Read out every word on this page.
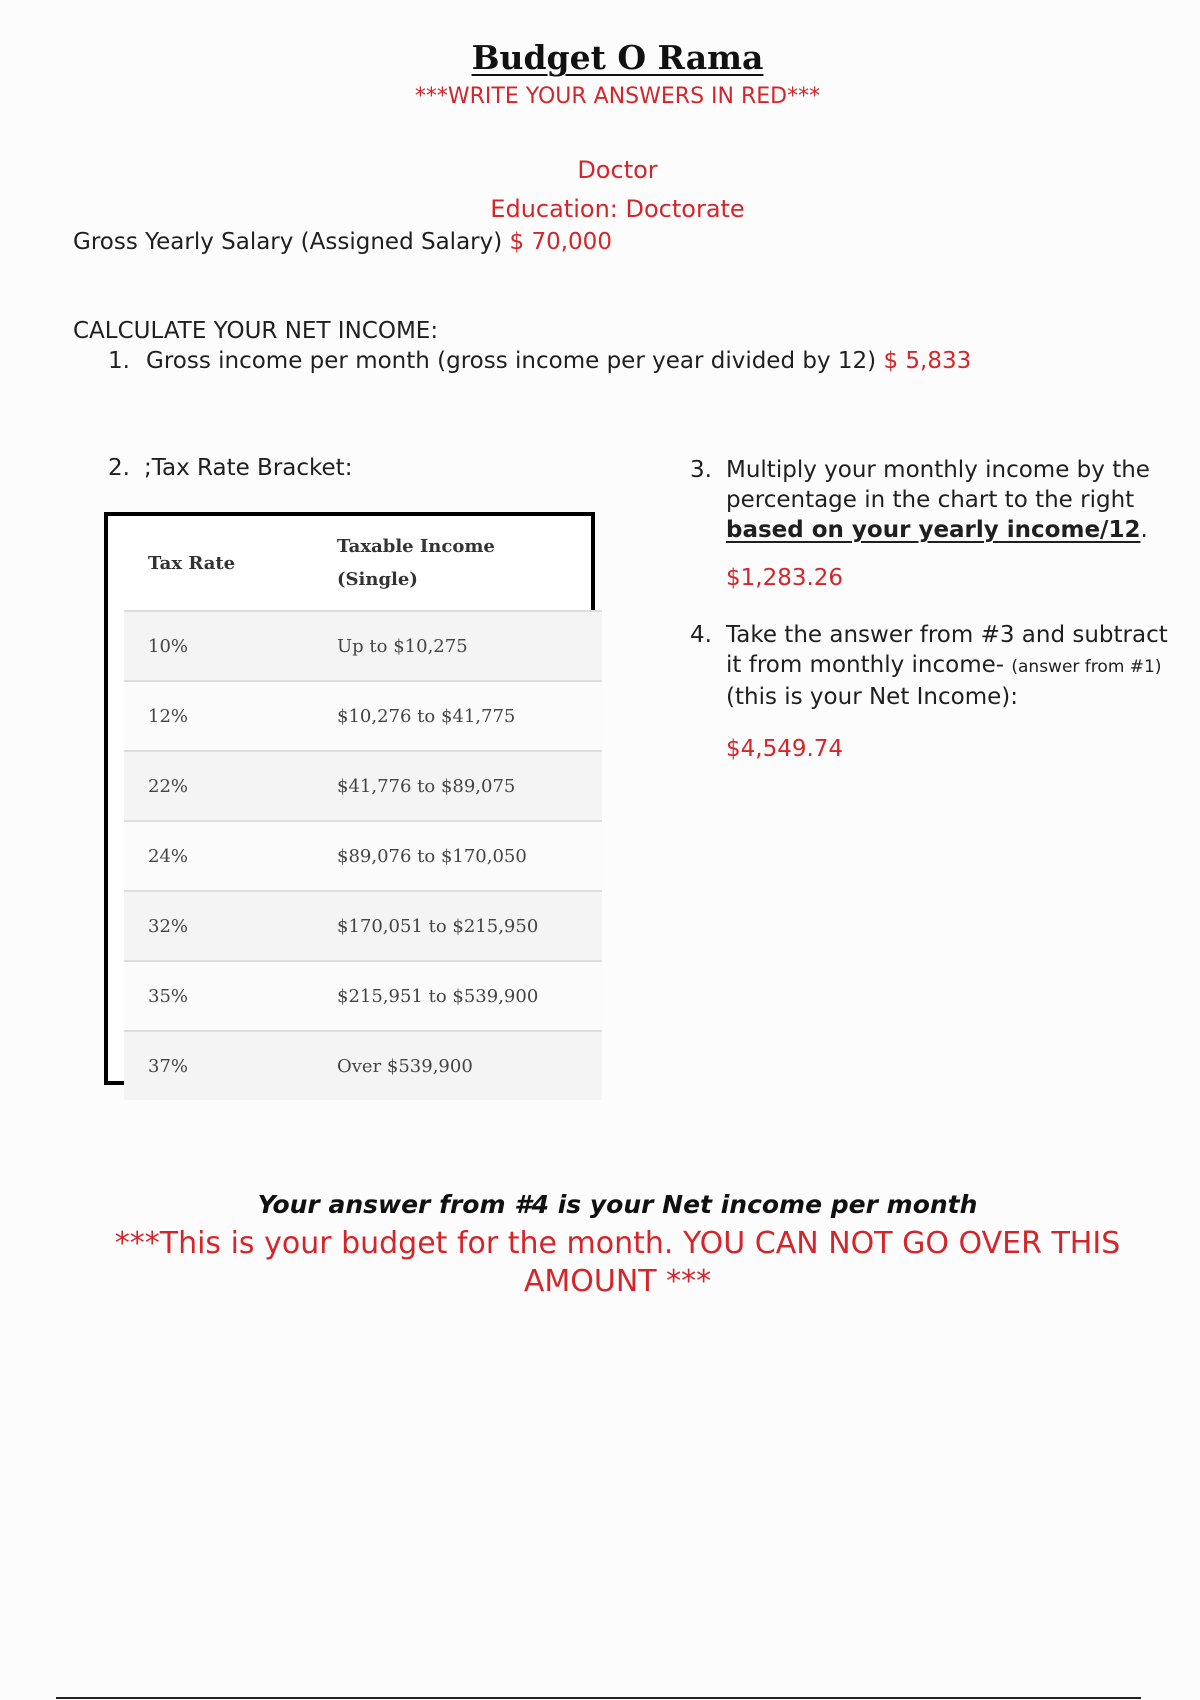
Budget O Rama
***WRITE YOUR ANSWERS IN RED***
Doctor
Education: Doctorate
Gross Yearly Salary (Assigned Salary) $ 70,000
CALCULATE YOUR NET INCOME:
1. Gross income per month (gross income per year divided by 12) $ 5,833
2. ;Tax Rate Bracket:
Tax Rate	Taxable Income
(Single)
10%	Up to $10,275
12%	$10,276 to $41,775
22%	$41,776 to $89,075
24%	$89,076 to $170,050
32%	$170,051 to $215,950
35%	$215,951 to $539,900
37%	Over $539,900
3. Multiply your monthly income by the percentage in the chart to the right based on your yearly income/12.
$1,283.26
4. Take the answer from #3 and subtract it from monthly income- (answer from #1)
(this is your Net Income):
$4,549.74
Your answer from #4 is your Net income per month
***This is your budget for the month. YOU CAN NOT GO OVER THIS AMOUNT ***
